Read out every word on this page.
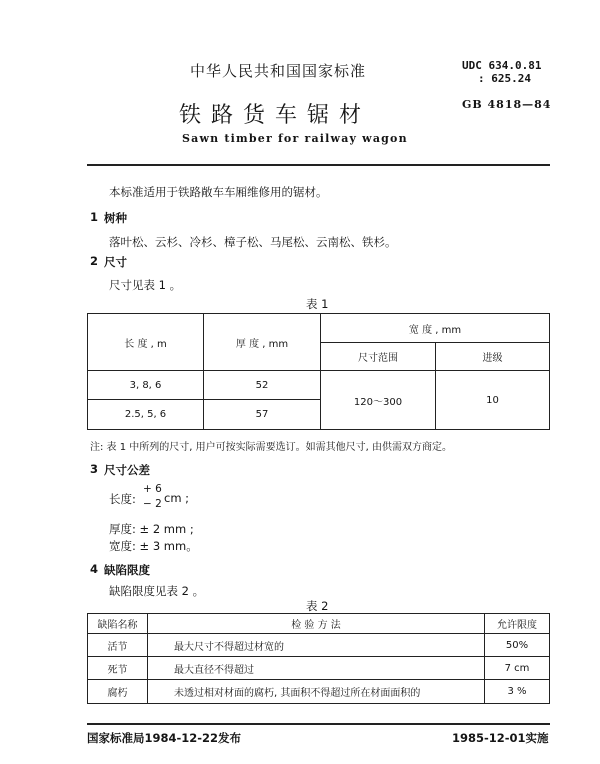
中华人民共和国国家标准	UDC 634.0.81
: 625.24
铁路货车锯材	GB 4818—84
Sawn timber for railway wagon
本标准适用于铁路敞车车厢维修用的锯材。
1 树种
落叶松、云杉、冷杉、樟子松、马尾松、云南松、铁杉。
2 尺寸
尺寸见表 1 。
表 1
长 度 , m	厚 度 , mm	宽 度 , mm	
		尺寸范围	进级
3, 8, 6	52	120～300	10
2.5, 5, 6	57		
注: 表 1 中所列的尺寸, 用户可按实际需要选订。如需其他尺寸, 由供需双方商定。
3 尺寸公差
长度:
+ 6
− 2 cm ;
厚度: ± 2 mm ;
宽度: ± 3 mm。
4 缺陷限度
缺陷限度见表 2 。
表 2
缺陷名称	检 验 方 法	允许限度
活节	最大尺寸不得超过材宽的	50%
死节	最大直径不得超过	7 cm
腐朽	未透过相对材面的腐朽, 其面积不得超过所在材面面积的	3 %
国家标准局1984-12-22发布	1985-12-01实施
